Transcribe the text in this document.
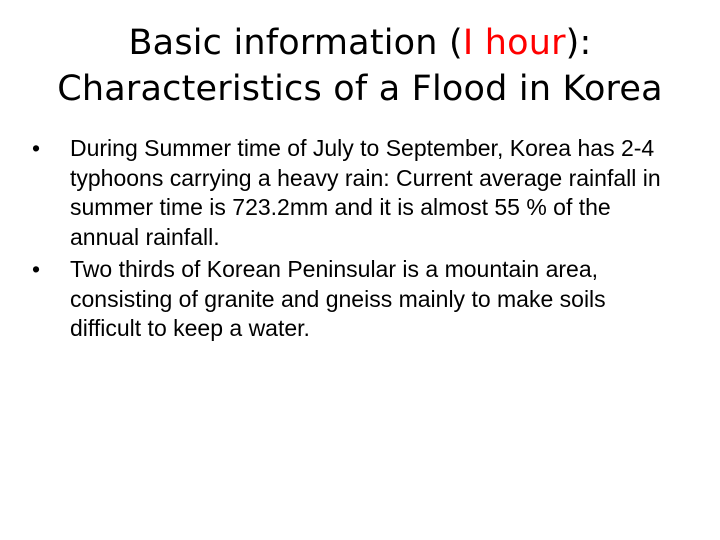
Basic information (I hour):
Characteristics of a Flood in Korea
•	During Summer time of July to September, Korea has 2-4 typhoons carrying a heavy rain: Current average rainfall in summer time is 723.2mm and it is almost 55 % of the annual rainfall.
•	Two thirds of Korean Peninsular is a mountain area, consisting of granite and gneiss mainly to make soils difficult to keep a water.
